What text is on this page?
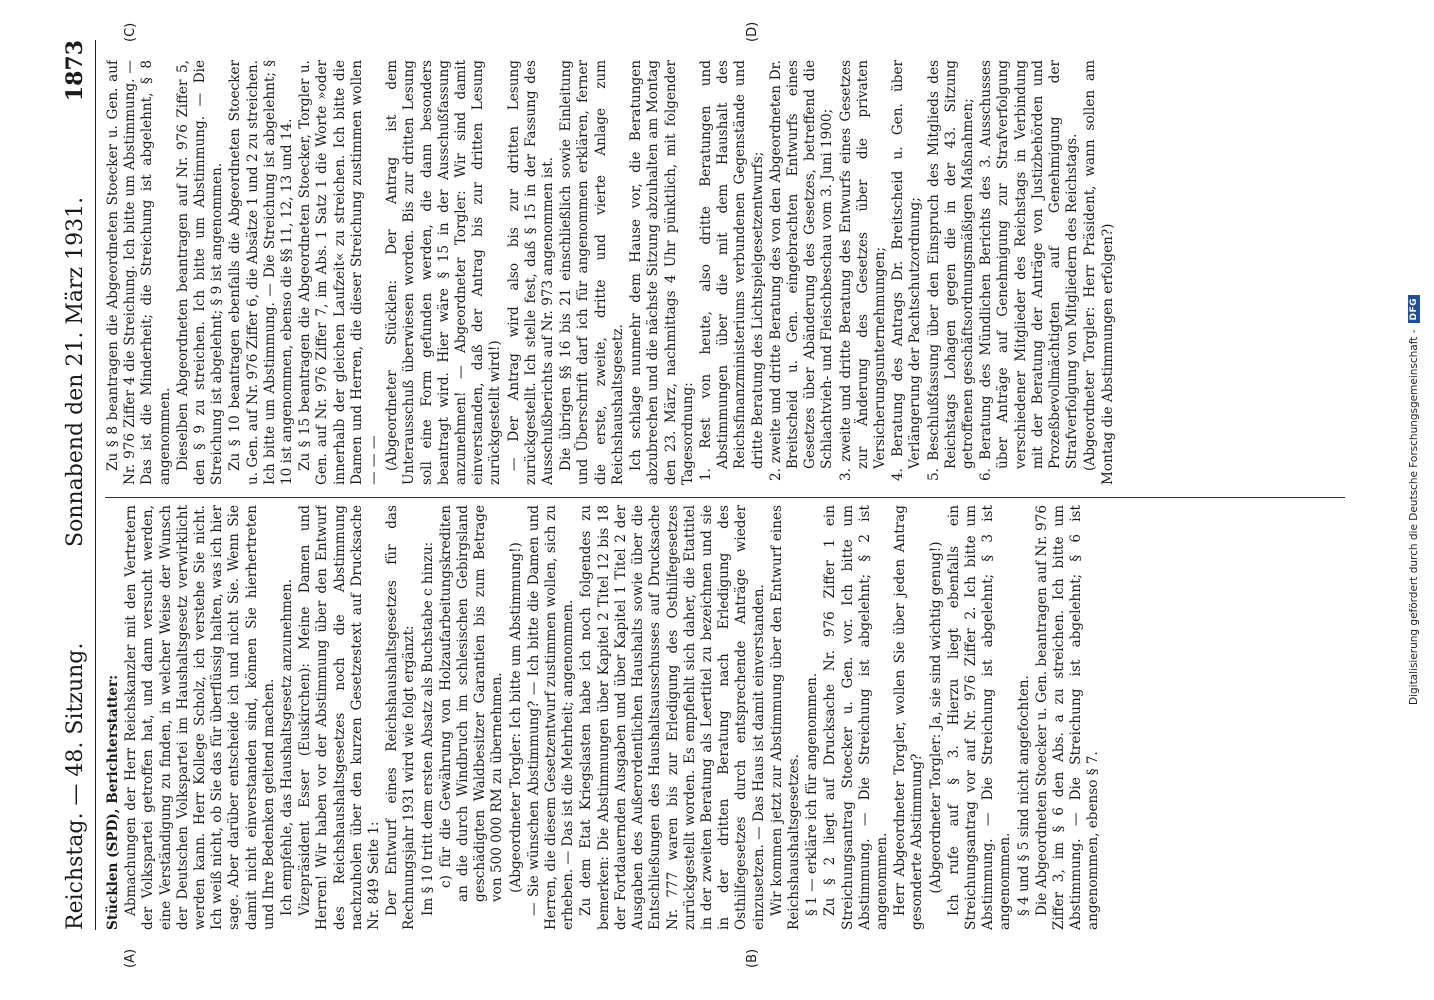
Reichstag. — 48. Sitzung.
Sonnabend den 21. März 1931.
1873
(A)	(B)
(C)	(D)

Stücklen (SPD), Berichterstatter: Abmachungen der Herr Reichskanzler mit den Vertretern der Volkspartei getroffen hat, und dann versucht werden, eine Verständigung zu finden, in welcher Weise der Wunsch der Deutschen Volkspartei im Haushaltsgesetz verwirklicht werden kann. Herr Kollege Scholz, ich verstehe Sie nicht. Ich weiß nicht, ob Sie das für überflüssig halten, was ich hier sage. Aber darüber entscheide ich und nicht Sie. Wenn Sie damit nicht einverstanden sind, können Sie hierhertreten und Ihre Bedenken geltend machen. Ich empfehle, das Haushaltsgesetz anzunehmen. Vizepräsident Esser (Euskirchen): Meine Damen und Herren! Wir haben vor der Abstimmung über den Entwurf des Reichshaushaltsgesetzes noch die Abstimmung nachzuholen über den kurzen Gesetzestext auf Drucksache Nr. 849 Seite 1: Der Entwurf eines Reichshaushaltsgesetzes für das Rechnungsjahr 1931 wird wie folgt ergänzt: Im § 10 tritt dem ersten Absatz als Buchstabe c hinzu: c) für die Gewährung von Holzaufarbeitungskrediten an die durch Windbruch im schlesischen Gebirgsland geschädigten Waldbesitzer Garantien bis zum Betrage von 500 000 RM zu übernehmen. (Abgeordneter Torgler: Ich bitte um Abstimmung!) — Sie wünschen Abstimmung? — Ich bitte die Damen und Herren, die diesem Gesetzentwurf zustimmen wollen, sich zu erheben. — Das ist die Mehrheit; angenommen. Zu dem Etat Kriegslasten habe ich noch folgendes zu bemerken: Die Abstimmungen über Kapitel 2 Titel 12 bis 18 der Fortdauernden Ausgaben und über Kapitel 1 Titel 2 der Ausgaben des Außerordentlichen Haushalts sowie über die Entschließungen des Haushaltsausschusses auf Drucksache Nr. 777 waren bis zur Erledigung des Osthilfegesetzes zurückgestellt worden. Es empfiehlt sich daher, die Etattitel in der zweiten Beratung als Leertitel zu bezeichnen und sie in der dritten Beratung nach Erledigung des Osthilfegesetzes durch entsprechende Anträge wieder einzusetzen. — Das Haus ist damit einverstanden. Wir kommen jetzt zur Abstimmung über den Entwurf eines Reichshaushaltsgesetzes. § 1 — erkläre ich für angenommen. Zu § 2 liegt auf Drucksache Nr. 976 Ziffer 1 ein Streichungsantrag Stoecker u. Gen. vor. Ich bitte um Abstimmung. — Die Streichung ist abgelehnt; § 2 ist angenommen. Herr Abgeordneter Torgler, wollen Sie über jeden Antrag gesonderte Abstimmung? (Abgeordneter Torgler: Ja, sie sind wichtig genug!) Ich rufe auf § 3. Hierzu liegt ebenfalls ein Streichungsantrag vor auf Nr. 976 Ziffer 2. Ich bitte um Abstimmung. — Die Streichung ist abgelehnt; § 3 ist angenommen. § 4 und § 5 sind nicht angefochten. Die Abgeordneten Stoecker u. Gen. beantragen auf Nr. 976 Ziffer 3, im § 6 den Abs. a zu streichen. Ich bitte um Abstimmung. — Die Streichung ist abgelehnt; § 6 ist angenommen, ebenso § 7.

Zu § 8 beantragen die Abgeordneten Stoecker u. Gen. auf Nr. 976 Ziffer 4 die Streichung. Ich bitte um Abstimmung. — Das ist die Minderheit; die Streichung ist abgelehnt, § 8 angenommen. Dieselben Abgeordneten beantragen auf Nr. 976 Ziffer 5, den § 9 zu streichen. Ich bitte um Abstimmung. — Die Streichung ist abgelehnt; § 9 ist angenommen. Zu § 10 beantragen ebenfalls die Abgeordneten Stoecker u. Gen. auf Nr. 976 Ziffer 6, die Absätze 1 und 2 zu streichen. Ich bitte um Abstimmung. — Die Streichung ist abgelehnt; § 10 ist angenommen, ebenso die §§ 11, 12, 13 und 14. Zu § 15 beantragen die Abgeordneten Stoecker, Torgler u. Gen. auf Nr. 976 Ziffer 7, im Abs. 1 Satz 1 die Worte »oder innerhalb der gleichen Laufzeit« zu streichen. Ich bitte die Damen und Herren, die dieser Streichung zustimmen wollen — — — (Abgeordneter Stücklen: Der Antrag ist dem Unterausschuß überwiesen worden. Bis zur dritten Lesung soll eine Form gefunden werden, die dann besonders beantragt wird. Hier wäre § 15 in der Ausschußfassung anzunehmen! — Abgeordneter Torgler: Wir sind damit einverstanden, daß der Antrag bis zur dritten Lesung zurückgestellt wird!) — Der Antrag wird also bis zur dritten Lesung zurückgestellt. Ich stelle fest, daß § 15 in der Fassung des Ausschußberichts auf Nr. 973 angenommen ist. Die übrigen §§ 16 bis 21 einschließlich sowie Einleitung und Überschrift darf ich für angenommen erklären, ferner die erste, zweite, dritte und vierte Anlage zum Reichshaushaltsgesetz. Ich schlage nunmehr dem Hause vor, die Beratungen abzubrechen und die nächste Sitzung abzuhalten am Montag den 23. März, nachmittags 4 Uhr pünktlich, mit folgender Tagesordnung: 1. Rest von heute, also dritte Beratungen und Abstimmungen über die mit dem Haushalt des Reichsfinanzministeriums verbundenen Gegenstände und dritte Beratung des Lichtspielgesetzentwurfs; 2. zweite und dritte Beratung des von den Abgeordneten Dr. Breitscheid u. Gen. eingebrachten Entwurfs eines Gesetzes über Abänderung des Gesetzes, betreffend die Schlachtvieh- und Fleischbeschau vom 3. Juni 1900; 3. zweite und dritte Beratung des Entwurfs eines Gesetzes zur Änderung des Gesetzes über die privaten Versicherungsunternehmungen; 4. Beratung des Antrags Dr. Breitscheid u. Gen. über Verlängerung der Pachtschutzordnung; 5. Beschlußfassung über den Einspruch des Mitglieds des Reichstags Lohagen gegen die in der 43. Sitzung getroffenen geschäftsordnungsmäßigen Maßnahmen; 6. Beratung des Mündlichen Berichts des 3. Ausschusses über Anträge auf Genehmigung zur Strafverfolgung verschiedener Mitglieder des Reichstags in Verbindung mit der Beratung der Anträge von Justizbehörden und Prozeßbevollmächtigten auf Genehmigung der Strafverfolgung von Mitgliedern des Reichstags. (Abgeordneter Torgler: Herr Präsident, wann sollen am Montag die Abstimmungen erfolgen?)	Digitalisierung gefördert durch die Deutsche Forschungsgemeinschaft -
DFG
